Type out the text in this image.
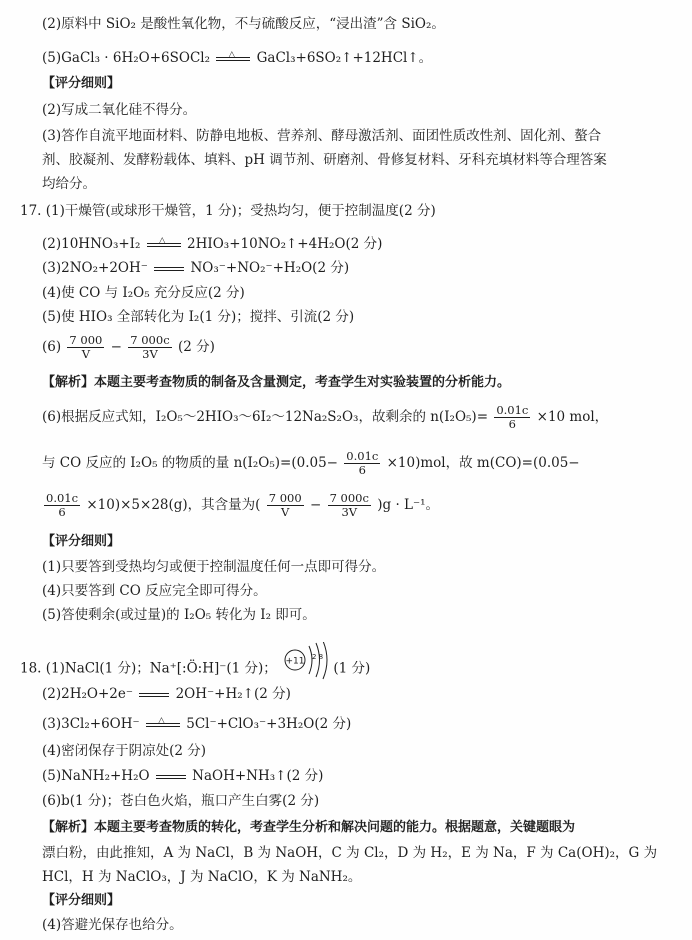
(2)原料中 SiO₂ 是酸性氧化物，不与硫酸反应，“浸出渣”含 SiO₂。
(5)GaCl₃ · 6H₂O+6SOCl₂ △ GaCl₃+6SO₂↑+12HCl↑。
【评分细则】
(2)写成二氧化硅不得分。
(3)答作自流平地面材料、防静电地板、营养剂、酵母激活剂、面团性质改性剂、固化剂、螯合
剂、胶凝剂、发酵粉载体、填料、pH 调节剂、研磨剂、骨修复材料、牙科充填材料等合理答案
均给分。
17. (1)干燥管(或球形干燥管，1 分)；受热均匀，便于控制温度(2 分)
(2)10HNO₃+I₂ △ 2HIO₃+10NO₂↑+4H₂O(2 分)
(3)2NO₂+2OH⁻	NO₃⁻+NO₂⁻+H₂O(2 分)
(4)使 CO 与 I₂O₅ 充分反应(2 分)
(5)使 HIO₃ 全部转化为 I₂(1 分)；搅拌、引流(2 分)
$(6) \frac{7 000}{V} - \frac{7 000c}{3V} (2$ 分)
【解析】本题主要考查物质的制备及含量测定，考查学生对实验装置的分析能力。
(6)根据反应式知，I₂O₅～2HIO₃～6I₂～12Na₂S₂O₃，故剩余的 $n(I_2O_5)= \frac{0.01c}{6} \times 10$ mol，
与 CO 反应的 I₂O₅ 的物质的量 $n(I_2O_5)=(0.05- \frac{0.01c}{6} \times 10)mol$，故 m(CO)=(0.05−
$\frac{0.01c}{6} \times 10)\times 5\times 28(g)$，其含量为( $\frac{7 000}{V} - \frac{7 000c}{3V} )g \cdot L^{-1}$。
【评分细则】
(1)只要答到受热均匀或便于控制温度任何一点即可得分。
(4)只要答到 CO 反应完全即可得分。
(5)答使剩余(或过量)的 I₂O₅ 转化为 I₂ 即可。
18. (1)NaCl(1 分)；Na⁺[:Ö:H]⁻(1 分)； +11 2 8
(1 分)
(2)2H₂O+2e⁻	2OH⁻+H₂↑(2 分)
(3)3Cl₂+6OH⁻ △ 5Cl⁻+ClO₃⁻+3H₂O(2 分)
(4)密闭保存于阴凉处(2 分)
(5)NaNH₂+H₂O	NaOH+NH₃↑(2 分)
(6)b(1 分)；苍白色火焰，瓶口产生白雾(2 分)
【解析】本题主要考查物质的转化，考查学生分析和解决问题的能力。根据题意，关键题眼为
漂白粉，由此推知，A 为 NaCl，B 为 NaOH，C 为 Cl₂，D 为 H₂，E 为 Na，F 为 Ca(OH)₂，G 为
HCl，H 为 NaClO₃，J 为 NaClO，K 为 NaNH₂。
【评分细则】
(4)答避光保存也给分。
